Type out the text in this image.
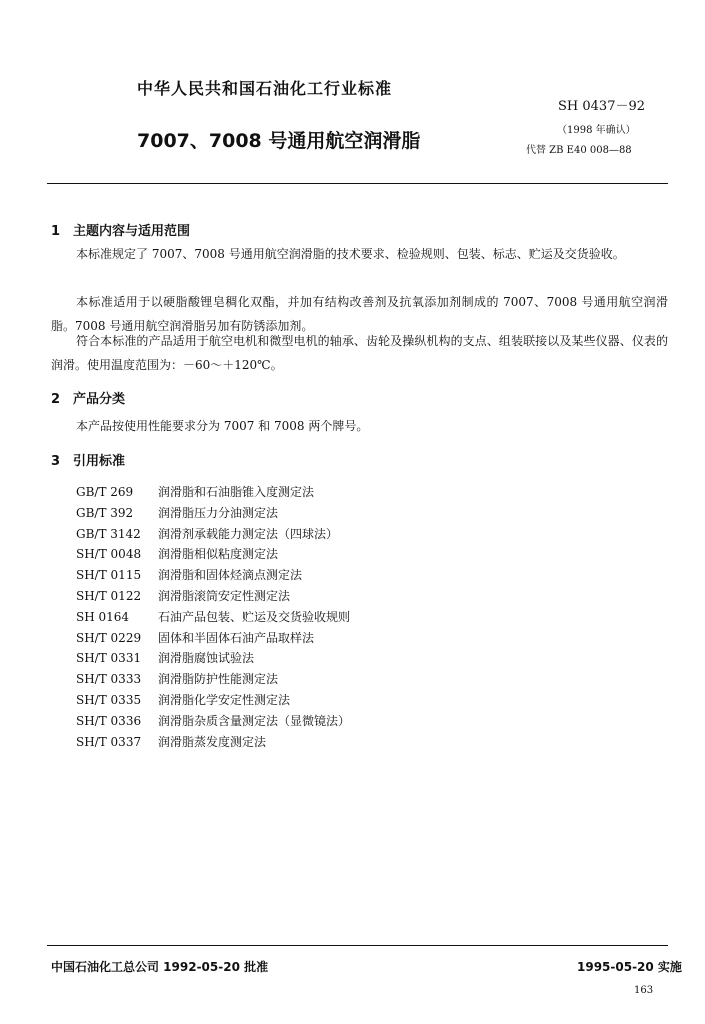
中华人民共和国石油化工行业标准
SH 0437－92
7007、7008 号通用航空润滑脂	（1998 年确认）
代替 ZB E40 008—88
1 主题内容与适用范围

本标准规定了 7007、7008 号通用航空润滑脂的技术要求、检验规则、包装、标志、贮运及交货验收。

本标准适用于以硬脂酸锂皂稠化双酯，并加有结构改善剂及抗氧添加剂制成的 7007、7008 号通用航空润滑脂。7008 号通用航空润滑脂另加有防锈添加剂。

符合本标准的产品适用于航空电机和微型电机的轴承、齿轮及操纵机构的支点、组装联接以及某些仪器、仪表的润滑。使用温度范围为：－60～＋120℃。

2 产品分类

本产品按使用性能要求分为 7007 和 7008 两个牌号。

3 引用标准
GB/T 269 润滑脂和石油脂锥入度测定法
GB/T 392 润滑脂压力分油测定法
GB/T 3142 润滑剂承载能力测定法（四球法）
SH/T 0048 润滑脂相似粘度测定法
SH/T 0115 润滑脂和固体烃滴点测定法
SH/T 0122 润滑脂滚筒安定性测定法
SH 0164 石油产品包装、贮运及交货验收规则
SH/T 0229 固体和半固体石油产品取样法
SH/T 0331 润滑脂腐蚀试验法
SH/T 0333 润滑脂防护性能测定法
SH/T 0335 润滑脂化学安定性测定法
SH/T 0336 润滑脂杂质含量测定法（显微镜法）
SH/T 0337 润滑脂蒸发度测定法
中国石油化工总公司 1992-05-20 批准	1995-05-20 实施
163
